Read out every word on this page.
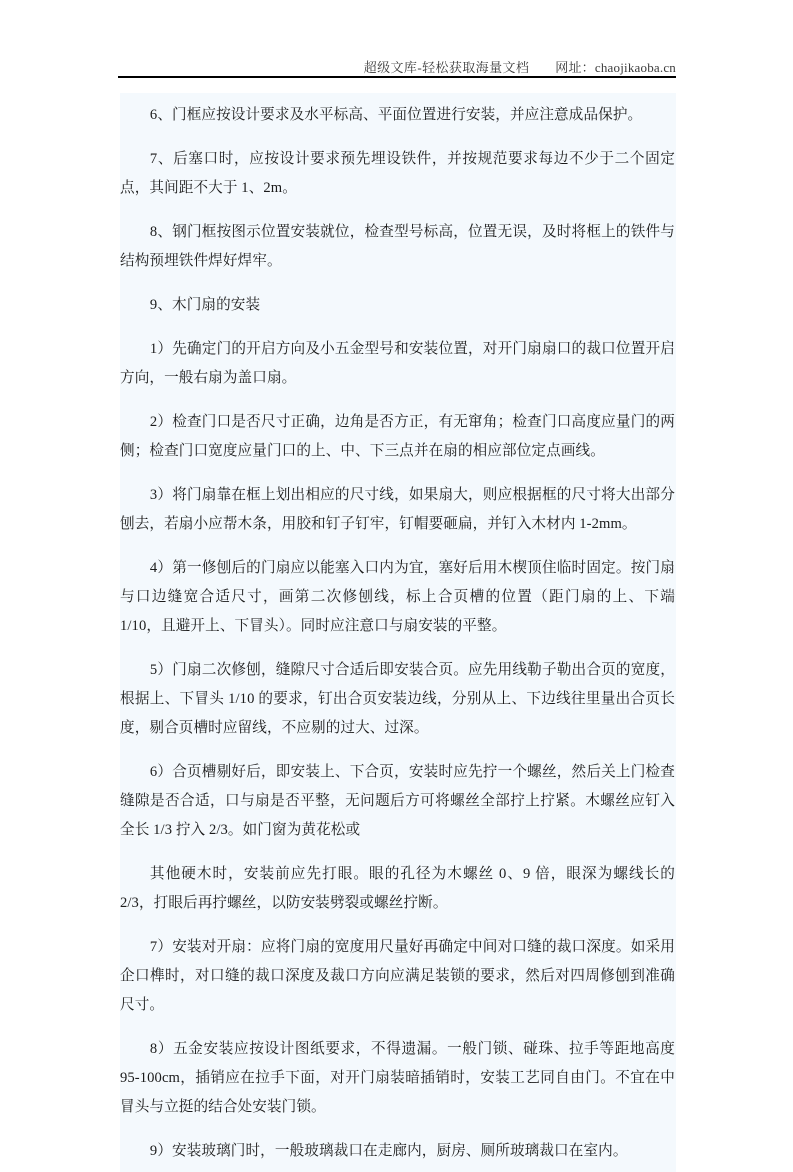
超级文库-轻松获取海量文档 网址：chaojikaoba.cn

6、门框应按设计要求及水平标高、平面位置进行安装，并应注意成品保护。

7、后塞口时，应按设计要求预先埋设铁件，并按规范要求每边不少于二个固定点，其间距不大于 1、2m。

8、钢门框按图示位置安装就位，检查型号标高，位置无误，及时将框上的铁件与结构预埋铁件焊好焊牢。

9、木门扇的安装

1）先确定门的开启方向及小五金型号和安装位置，对开门扇扇口的裁口位置开启方向，一般右扇为盖口扇。

2）检查门口是否尺寸正确，边角是否方正，有无窜角；检查门口高度应量门的两侧；检查门口宽度应量门口的上、中、下三点并在扇的相应部位定点画线。

3）将门扇靠在框上划出相应的尺寸线，如果扇大，则应根据框的尺寸将大出部分刨去，若扇小应帮木条，用胶和钉子钉牢，钉帽要砸扁，并钉入木材内 1-2mm。

4）第一修刨后的门扇应以能塞入口内为宜，塞好后用木楔顶住临时固定。按门扇与口边缝宽合适尺寸，画第二次修刨线，标上合页槽的位置（距门扇的上、下端 1/10，且避开上、下冒头）。同时应注意口与扇安装的平整。

5）门扇二次修刨，缝隙尺寸合适后即安装合页。应先用线勒子勒出合页的宽度，根据上、下冒头 1/10 的要求，钉出合页安装边线，分别从上、下边线往里量出合页长度，剔合页槽时应留线，不应剔的过大、过深。

6）合页槽剔好后，即安装上、下合页，安装时应先拧一个螺丝，然后关上门检查缝隙是否合适，口与扇是否平整，无问题后方可将螺丝全部拧上拧紧。木螺丝应钉入全长 1/3 拧入 2/3。如门窗为黄花松或

其他硬木时，安装前应先打眼。眼的孔径为木螺丝 0、9 倍，眼深为螺线长的 2/3，打眼后再拧螺丝，以防安装劈裂或螺丝拧断。

7）安装对开扇：应将门扇的宽度用尺量好再确定中间对口缝的裁口深度。如采用企口榫时，对口缝的裁口深度及裁口方向应满足装锁的要求，然后对四周修刨到准确尺寸。

8）五金安装应按设计图纸要求，不得遗漏。一般门锁、碰珠、拉手等距地高度 95-100cm，插销应在拉手下面，对开门扇装暗插销时，安装工艺同自由门。不宜在中冒头与立挺的结合处安装门锁。

9）安装玻璃门时，一般玻璃裁口在走廊内，厨房、厕所玻璃裁口在室内。
